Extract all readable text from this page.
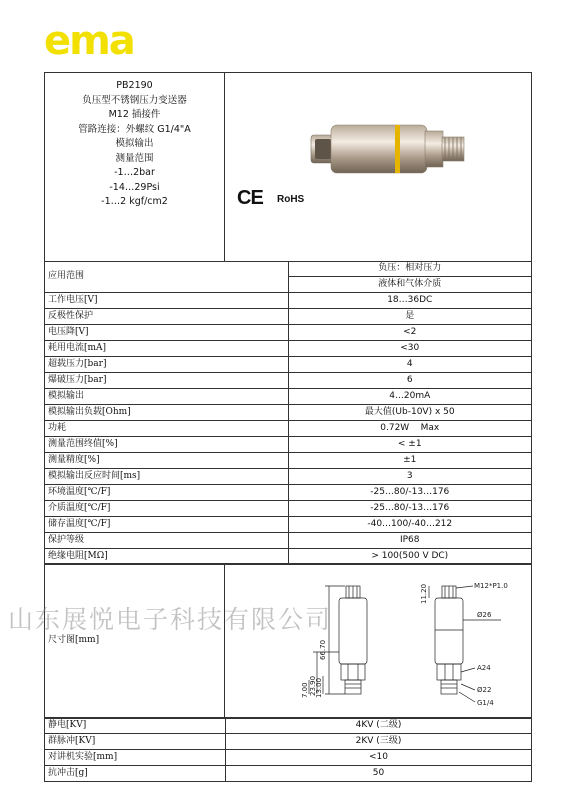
ema
PB2190
负压型不锈钢压力变送器
M12 插接件
管路连接：外螺纹 G1/4"A
模拟输出
测量范围
-1…2bar
-14…29Psi
-1…2 kgf/cm2	CE RoHS
应用范围	负压：相对压力
	液体和气体介质
工作电压[V]	18…36DC
反极性保护	是
电压降[V]	<2
耗用电流[mA]	<30
超载压力[bar]	4
爆破压力[bar]	6
模拟输出	4…20mA
模拟输出负载[Ohm]	最大值(Ub-10V) x 50
功耗	0.72W    Max
测量范围终值[%]	< ±1
测量精度[%]	±1
模拟输出反应时间[ms]	3
环境温度[℃/F]	-25…80/-13…176
介质温度[℃/F]	-25…80/-13…176
储存温度[℃/F]	-40…100/-40…212
保护等级	IP68
绝缘电阻[MΩ]	> 100(500 V DC)
尺寸图[mm]	66.70
11.20
23.90
13.00
7.00
M12*P1.0
Ø26
A24
Ø22
G1/4
静电[KV]	4KV (二级)
群脉冲[KV]	2KV (三级)
对讲机实验[mm]	<10
抗冲击[g]	50
山东展悦电子科技有限公司
